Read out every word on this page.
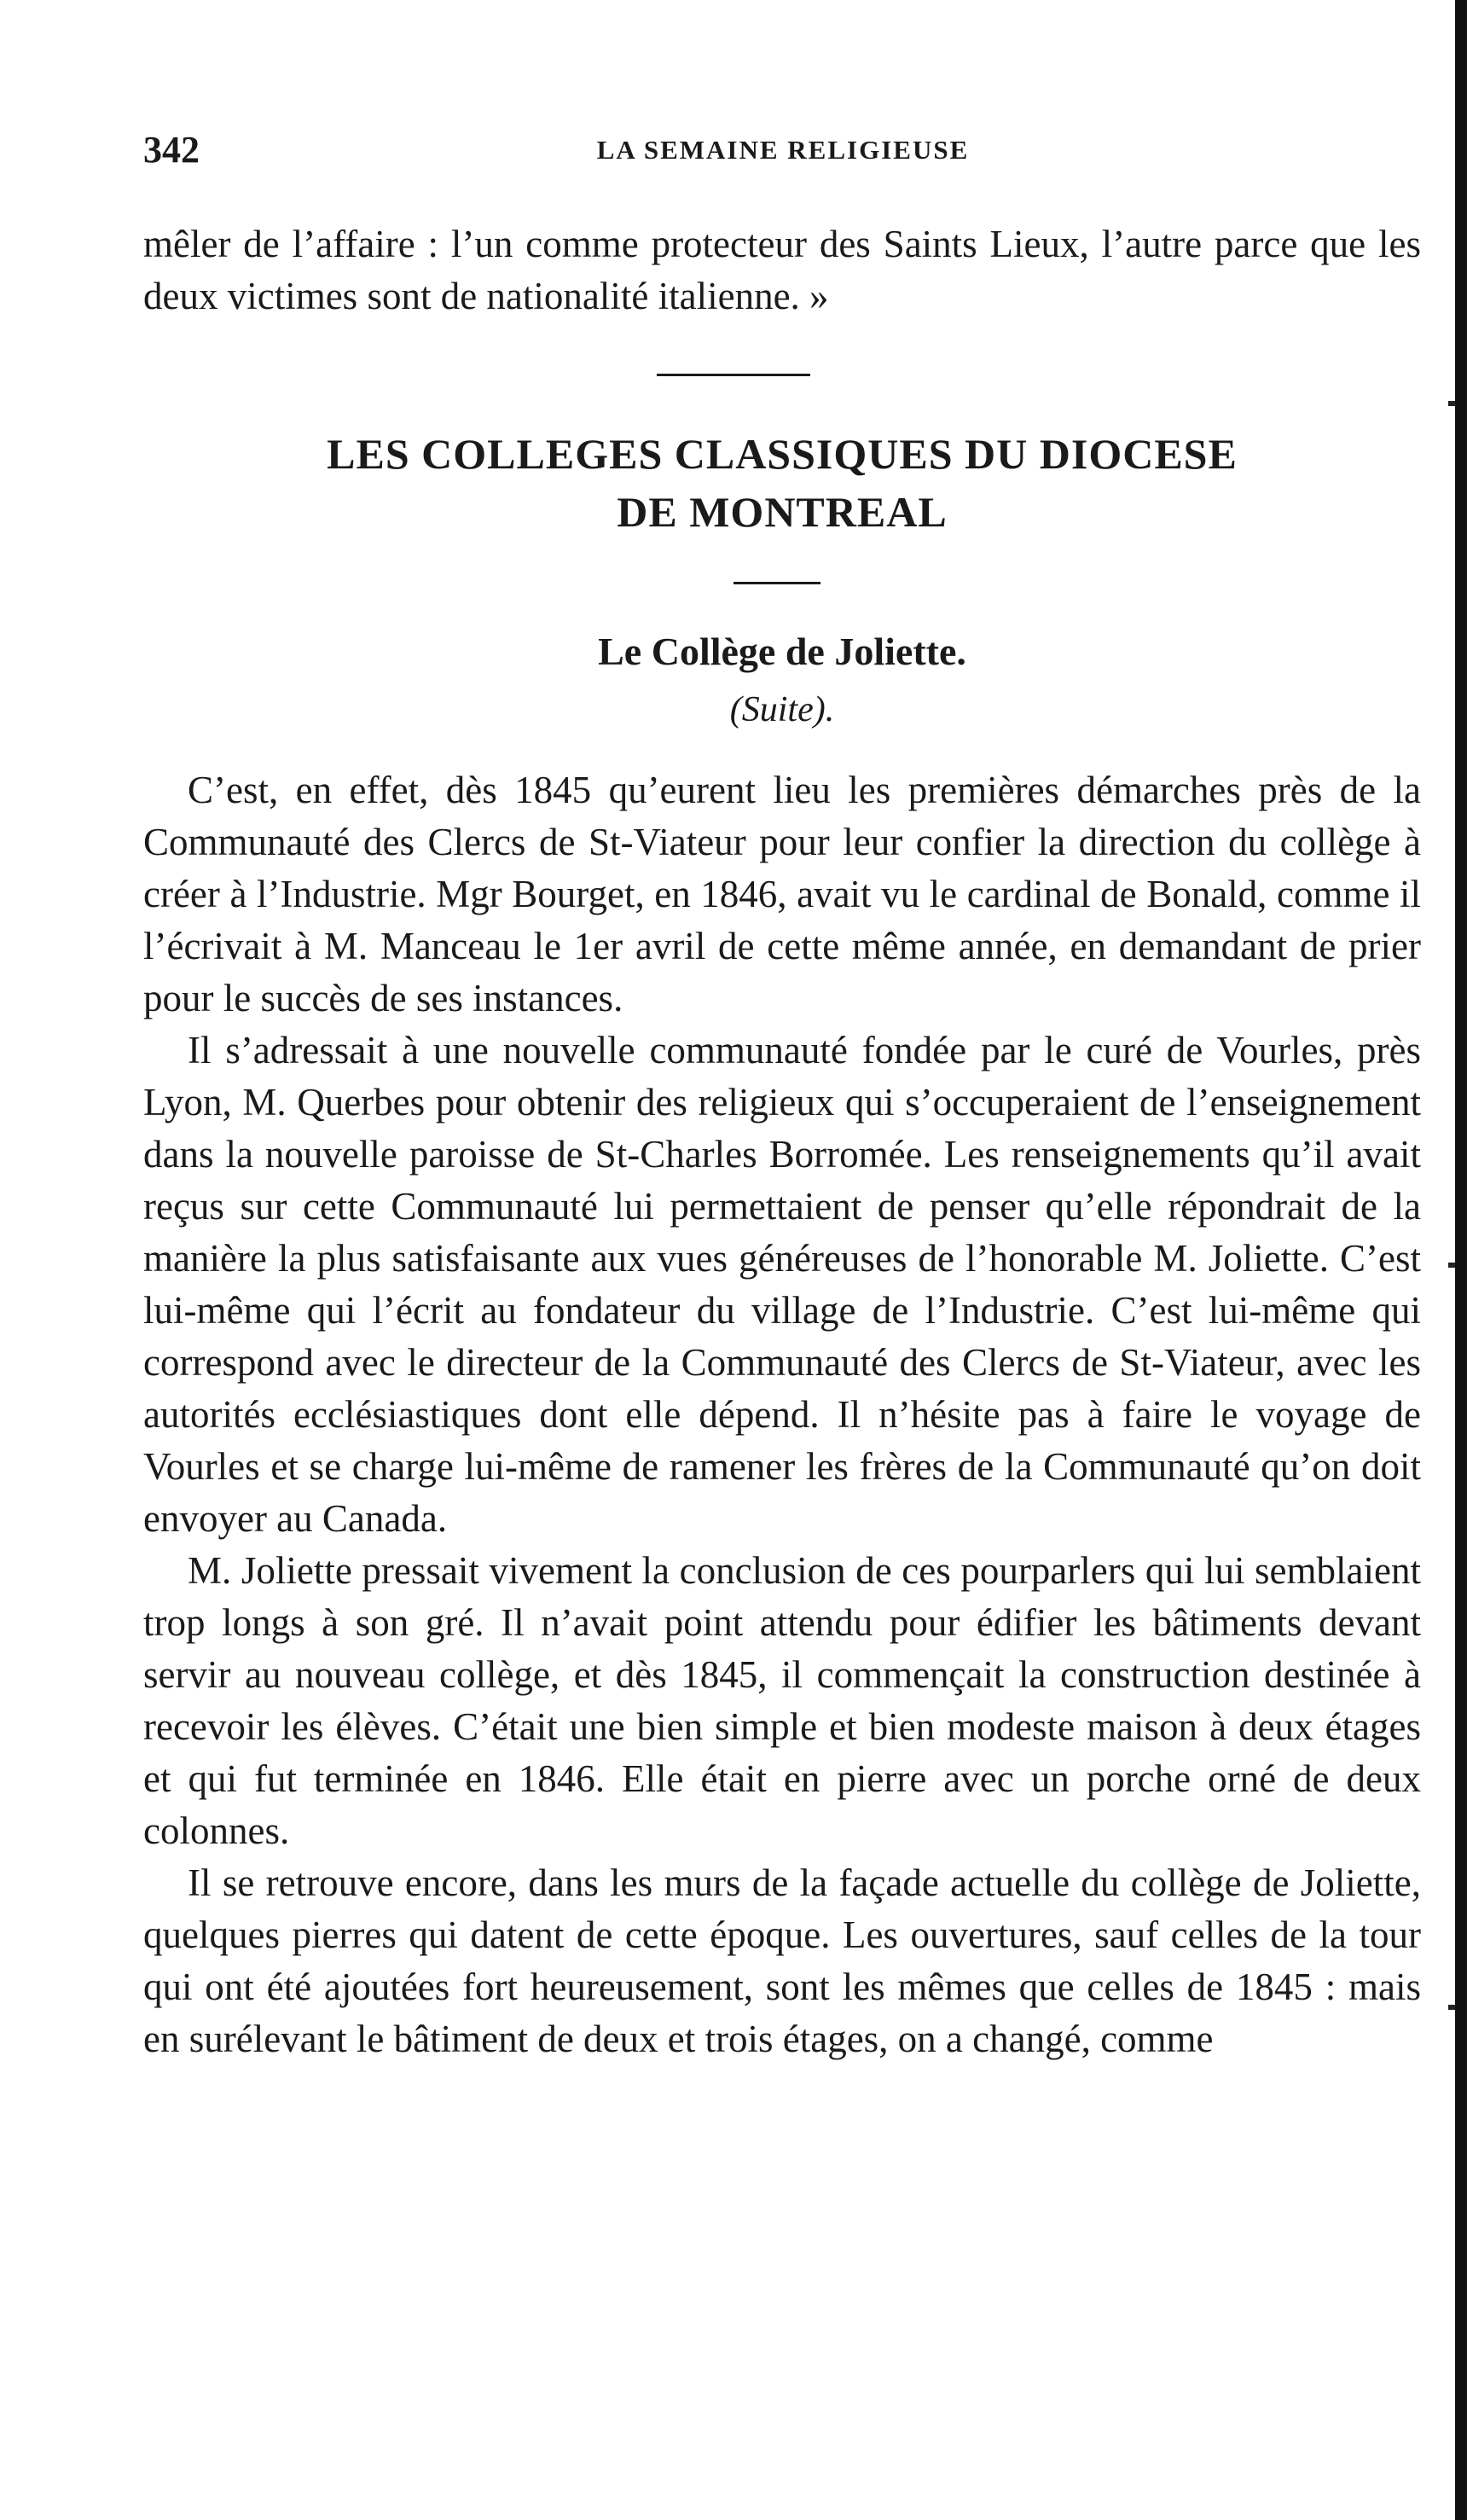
342	LA SEMAINE RELIGIEUSE

mêler de l’affaire : l’un comme protecteur des Saints Lieux, l’autre parce que les deux victimes sont de nationalité italienne. »

LES COLLEGES CLASSIQUES DU DIOCESE
DE MONTREAL
Le Collège de Joliette.
(Suite).

C’est, en effet, dès 1845 qu’eurent lieu les premières démarches près de la Communauté des Clercs de St-Viateur pour leur confier la direction du collège à créer à l’Industrie. Mgr Bourget, en 1846, avait vu le cardinal de Bonald, comme il l’écrivait à M. Manceau le 1er avril de cette même année, en demandant de prier pour le succès de ses instances.

Il s’adressait à une nouvelle communauté fondée par le curé de Vourles, près Lyon, M. Querbes pour obtenir des religieux qui s’occuperaient de l’enseignement dans la nouvelle paroisse de St-Charles Borromée. Les renseignements qu’il avait reçus sur cette Communauté lui permettaient de penser qu’elle répondrait de la manière la plus satisfaisante aux vues généreuses de l’honorable M. Joliette. C’est lui-même qui l’écrit au fondateur du village de l’Industrie. C’est lui-même qui correspond avec le directeur de la Communauté des Clercs de St-Viateur, avec les autorités ecclésiastiques dont elle dépend. Il n’hésite pas à faire le voyage de Vourles et se charge lui-même de ramener les frères de la Communauté qu’on doit envoyer au Canada.

M. Joliette pressait vivement la conclusion de ces pourparlers qui lui semblaient trop longs à son gré. Il n’avait point attendu pour édifier les bâtiments devant servir au nouveau collège, et dès 1845, il commençait la construction destinée à recevoir les élèves. C’était une bien simple et bien modeste maison à deux étages et qui fut terminée en 1846. Elle était en pierre avec un porche orné de deux colonnes.

Il se retrouve encore, dans les murs de la façade actuelle du collège de Joliette, quelques pierres qui datent de cette époque. Les ouvertures, sauf celles de la tour qui ont été ajoutées fort heureusement, sont les mêmes que celles de 1845 : mais en surélevant le bâtiment de deux et trois étages, on a changé, comme
